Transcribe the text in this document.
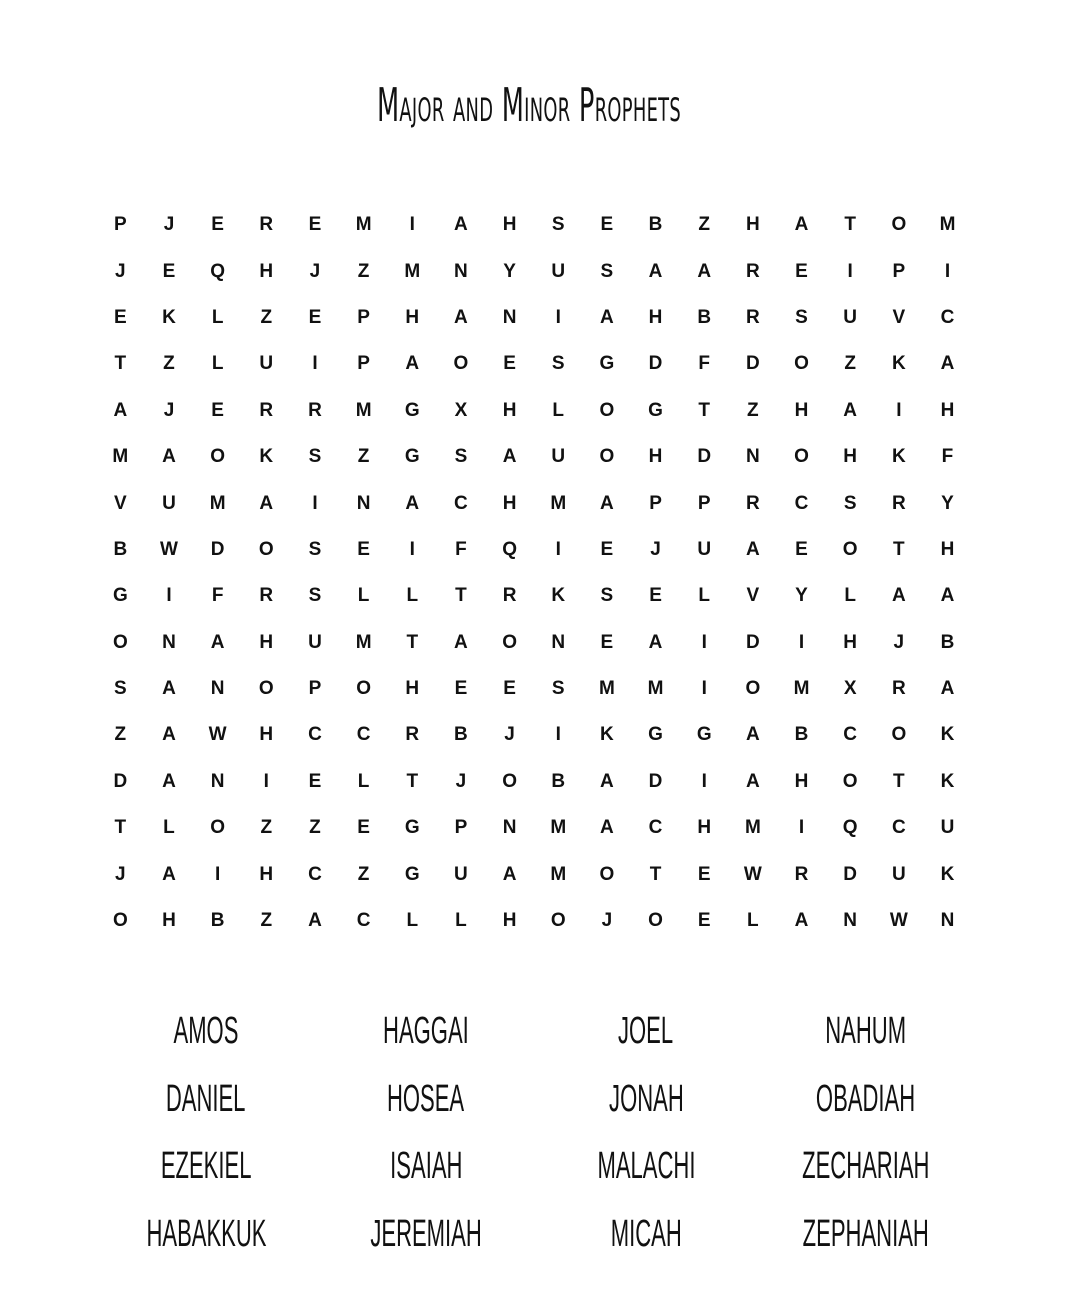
Major and Minor Prophets
P	J	E	R	E	M	I	A	H	S	E	B	Z	H	A	T	O	M
J	E	Q	H	J	Z	M	N	Y	U	S	A	A	R	E	I	P	I
E	K	L	Z	E	P	H	A	N	I	A	H	B	R	S	U	V	C
T	Z	L	U	I	P	A	O	E	S	G	D	F	D	O	Z	K	A
A	J	E	R	R	M	G	X	H	L	O	G	T	Z	H	A	I	H
M	A	O	K	S	Z	G	S	A	U	O	H	D	N	O	H	K	F
V	U	M	A	I	N	A	C	H	M	A	P	P	R	C	S	R	Y
B	W	D	O	S	E	I	F	Q	I	E	J	U	A	E	O	T	H
G	I	F	R	S	L	L	T	R	K	S	E	L	V	Y	L	A	A
O	N	A	H	U	M	T	A	O	N	E	A	I	D	I	H	J	B
S	A	N	O	P	O	H	E	E	S	M	M	I	O	M	X	R	A
Z	A	W	H	C	C	R	B	J	I	K	G	G	A	B	C	O	K
D	A	N	I	E	L	T	J	O	B	A	D	I	A	H	O	T	K
T	L	O	Z	Z	E	G	P	N	M	A	C	H	M	I	Q	C	U
J	A	I	H	C	Z	G	U	A	M	O	T	E	W	R	D	U	K
O	H	B	Z	A	C	L	L	H	O	J	O	E	L	A	N	W	N
AMOS	HAGGAI	JOEL	NAHUM
DANIEL	HOSEA	JONAH	OBADIAH
EZEKIEL	ISAIAH	MALACHI	ZECHARIAH
HABAKKUK	JEREMIAH	MICAH	ZEPHANIAH
